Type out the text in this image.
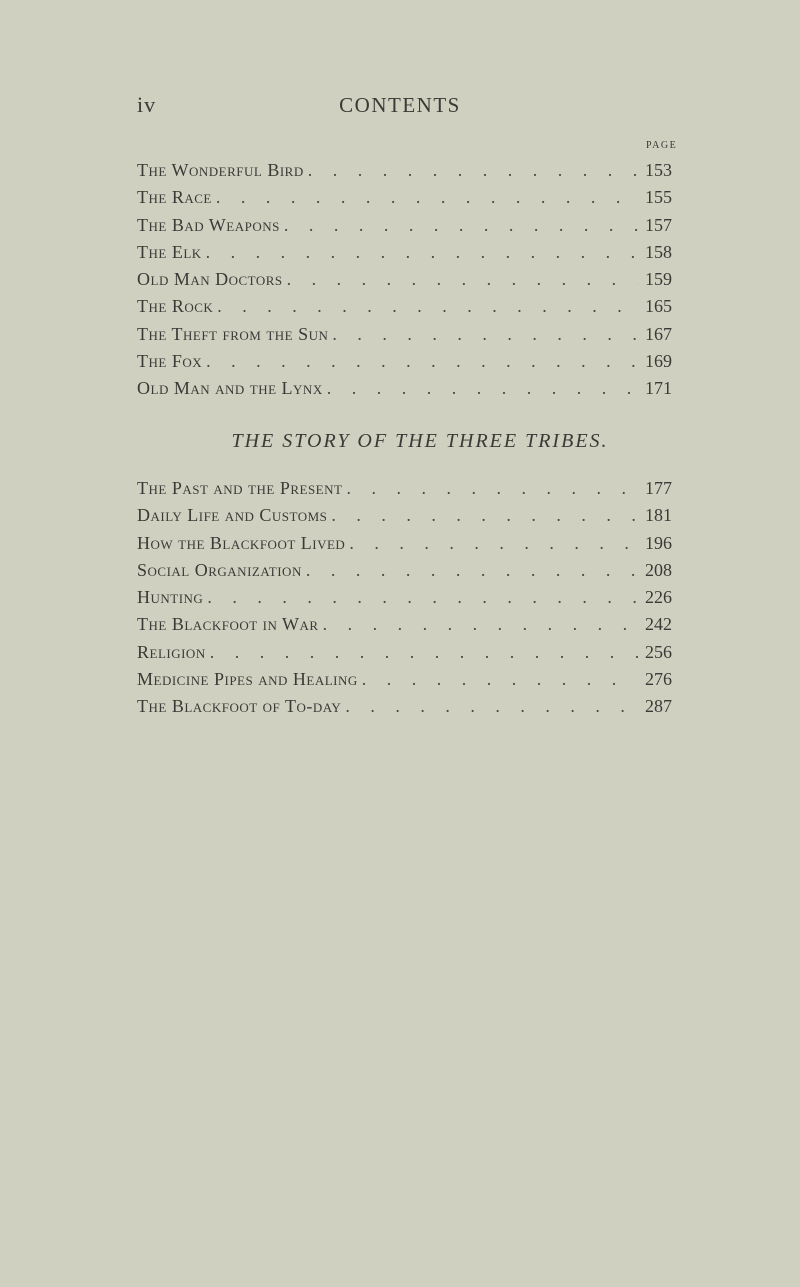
iv	CONTENTS
PAGE
The Wonderful Bird . . .	153
The Race . . .	155
The Bad Weapons . . .	157
The Elk . . .	158
Old Man Doctors . . .	159
The Rock . . .	165
The Theft from the Sun . . .	167
The Fox . . .	169
Old Man and the Lynx . . .	171
THE STORY OF THE THREE TRIBES.
The Past and the Present . . .	177
Daily Life and Customs . . .	181
How the Blackfoot Lived . . .	196
Social Organization . . .	208
Hunting . . .	226
The Blackfoot in War . . .	242
Religion . . .	256
Medicine Pipes and Healing . . .	276
The Blackfoot of To-day . . .	287
